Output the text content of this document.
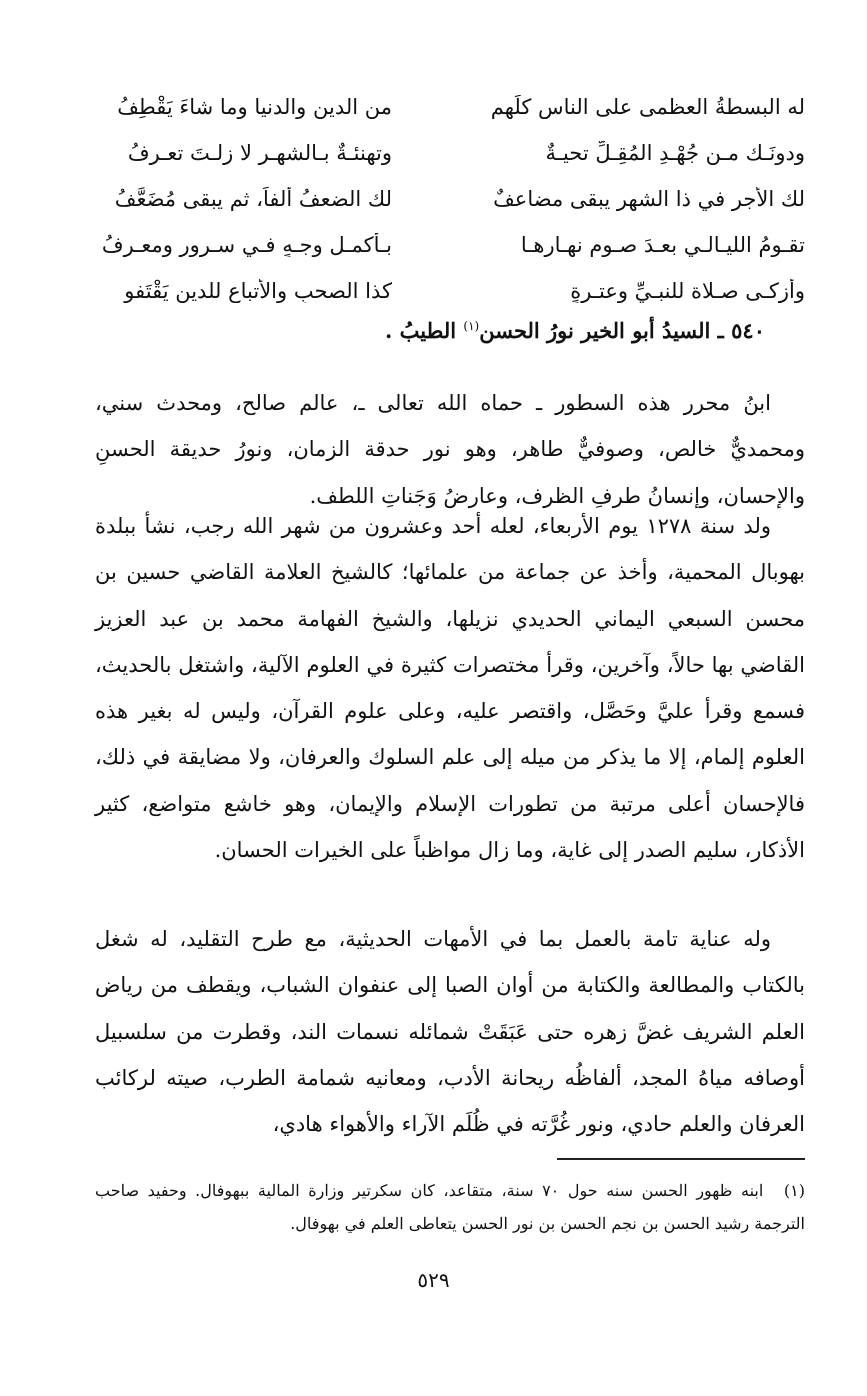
له البسطةُ العظمى على الناس كلِّهم
من الدين والدنيا وما شاءَ يَقْطِفُ
ودونَـك مـن جُهْـدِ المُقِـلِّ تحيـةٌ
وتهنئـةٌ بـالشهـر لا زلـتَ تعـرفُ
لك الأجر في ذا الشهر يبقى مضاعفٌ
لك الضعفُ ألفاً، ثم يبقى مُضَعَّفُ
تقـومُ الليـالـي بعـدَ صـومِ نهـارِهـا
بـأكمـلِ وجـهٍ فـي سـرورٍ ومعـرفُ
وأزكـى صـلاة للنبـيِّ وعتـرةٍ
كذا الصحبِ والأتباعِ للدينِ يَقْتَفو
٥٤٠ ـ السيدُ أبو الخير نورُ الحسن$^{(١)}$ الطيبُ .

ابنُ محرر هذه السطور ـ حماه الله تعالى ـ، عالم صالح، ومحدث سني، ومحمديٌّ خالص، وصوفيٌّ طاهر، وهو نور حدقة الزمان، ونورُ حديقة الحسنِ والإحسان، وإنسانُ طرفِ الظرف، وعارضُ وَجَناتِ اللطف.

ولد سنة ١٢٧٨ يوم الأربعاء، لعله أحد وعشرون من شهر الله رجب، نشأ ببلدة بهوبال المحمية، وأخذ عن جماعة من علمائها؛ كالشيخ العلامة القاضي حسين بن محسن السبعي اليماني الحديدي نزيلها، والشيخ الفهامة محمد بن عبد العزيز القاضي بها حالاً، وآخرين، وقرأ مختصرات كثيرة في العلوم الآلية، واشتغل بالحديث، فسمع وقرأ عليَّ وحَصَّل، واقتصر عليه، وعلى علوم القرآن، وليس له بغير هذه العلوم إلمام، إلا ما يذكر من ميله إلى علم السلوك والعرفان، ولا مضايقة في ذلك، فالإحسان أعلى مرتبة من تطورات الإسلام والإيمان، وهو خاشع متواضع، كثير الأذكار، سليم الصدر إلى غاية، وما زال مواظباً على الخيرات الحسان.

وله عناية تامة بالعمل بما في الأمهات الحديثية، مع طرح التقليد، له شغل بالكتاب والمطالعة والكتابة من أوان الصبا إلى عنفوان الشباب، ويقطف من رياض العلم الشريف غضَّ زهره حتى عَبَقَتْ شمائله نسمات الند، وقطرت من سلسبيل أوصافه مياهُ المجد، ألفاظُه ريحانة الأدب، ومعانيه شمامة الطرب، صيته لركائب العرفان والعلم حادي، ونور غُرَّته في ظُلَم الآراء والأهواء هادي،

(١) ابنه ظهور الحسن سنه حول ٧٠ سنة، متقاعد، كان سكرتير وزارة المالية ببهوفال. وحفيد صاحب الترجمة رشيد الحسن بن نجم الحسن بن نور الحسن يتعاطى العلم في بهوفال.
٥٢٩
